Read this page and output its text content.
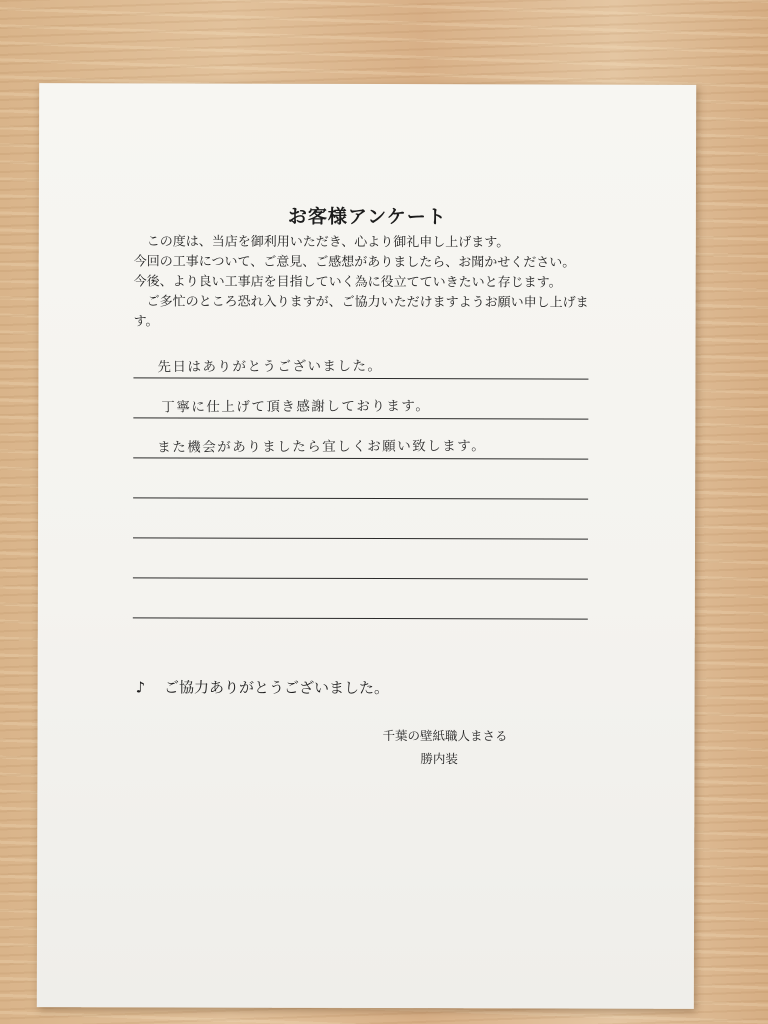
お客様アンケート

この度は、当店を御利用いただき、心より御礼申し上げます。

今回の工事について、ご意見、ご感想がありましたら、お聞かせください。

今後、より良い工事店を目指していく為に役立てていきたいと存じます。

ご多忙のところ恐れ入りますが、ご協力いただけますようお願い申し上げます。

先日はありがとうございました。
丁寧に仕上げて頂き感謝しております。
また機会がありましたら宜しくお願い致します。
♪ ご協力ありがとうございました。
千葉の壁紙職人まさる
勝内装
